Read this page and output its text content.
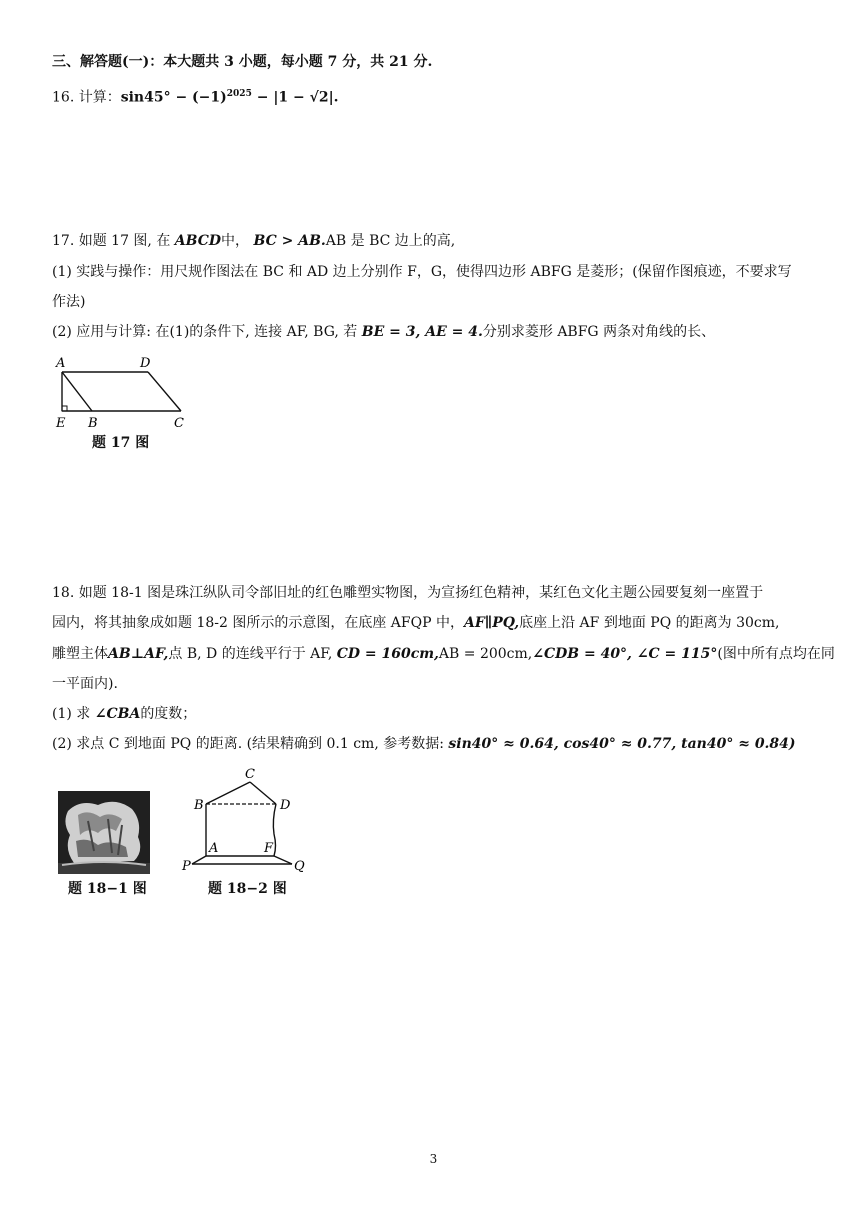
三、解答题(一)：本大题共 3 小题，每小题 7 分，共 21 分.
16. 计算：$\sin 45^\circ - (-1)^{2025} - |1 - √2|$.
17. 如题 17 图, 在 ABCD中， BC > AB.AB 是 BC 边上的高,
(1) 实践与操作：用尺规作图法在 BC 和 AD 边上分别作 F，G，使得四边形 ABFG 是菱形；(保留作图痕迹，不要求写
作法)
(2) 应用与计算: 在(1)的条件下, 连接 AF, BG, 若 BE = 3, AE = 4.分别求菱形 ABFG 两条对角线的长、
A	D
E B	C
题 17 图
18. 如题 18-1 图是珠江纵队司令部旧址的红色雕塑实物图，为宣扬红色精神，某红色文化主题公园要复刻一座置于
园内，将其抽象成如题 18-2 图所示的示意图，在底座 AFQP 中，AF∥PQ,底座上沿 AF 到地面 PQ 的距离为 30cm,
雕塑主体AB⊥AF,点 B, D 的连线平行于 AF, CD = 160cm,AB = 200cm,∠CDB = 40°, ∠C = 115°(图中所有点均在同
一平面内).
(1) 求 ∠CBA的度数；
(2) 求点 C 到地面 PQ 的距离. (结果精确到 0.1 cm, 参考数据: sin40° ≈ 0.64, cos40° ≈ 0.77, tan40° ≈ 0.84)
题 18−1 图
C
B	D
A	F
P	Q
题 18−2 图
3
